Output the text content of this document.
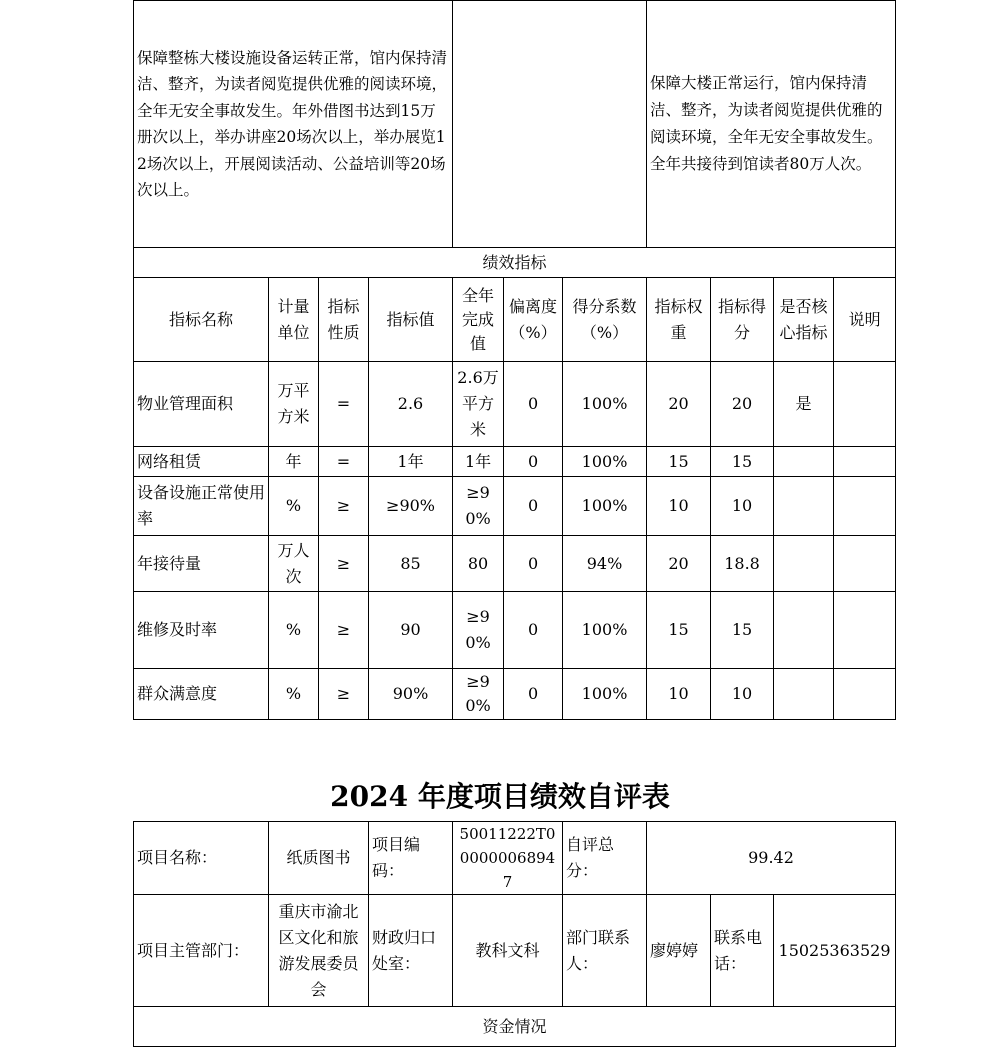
保障整栋大楼设施设备运转正常，馆内保持清洁、整齐，为读者阅览提供优雅的阅读环境，全年无安全事故发生。年外借图书达到15万册次以上，举办讲座20场次以上，举办展览12场次以上，开展阅读活动、公益培训等20场次以上。							保障大楼正常运行，馆内保持清洁、整齐，为读者阅览提供优雅的阅读环境，全年无安全事故发生。全年共接待到馆读者80万人次。			
绩效指标										
指标名称	计量单位	指标性质	指标值	全年完成值	偏离度（%）	得分系数（%）	指标权重	指标得分	是否核心指标	说明
物业管理面积	万平方米	=	2.6	2.6万平方米	0	100%	20	20	是	
网络租赁	年	=	1年	1年	0	100%	15	15		
设备设施正常使用率	%	≥	≥90%	≥90%	0	100%	10	10		
年接待量	万人次	≥	85	80	0	94%	20	18.8		
维修及时率	%	≥	90	≥90%	0	100%	15	15		
群众满意度	%	≥	90%	≥90%	0	100%	10	10		
2024 年度项目绩效自评表
项目名称：	纸质图书	项目编码：	50011222T000000068947	自评总分：	99.42		
项目主管部门：	重庆市渝北区文化和旅游发展委员会	财政归口处室：	教科文科	部门联系人：	廖婷婷	联系电话：	15025363529
资金情况							
